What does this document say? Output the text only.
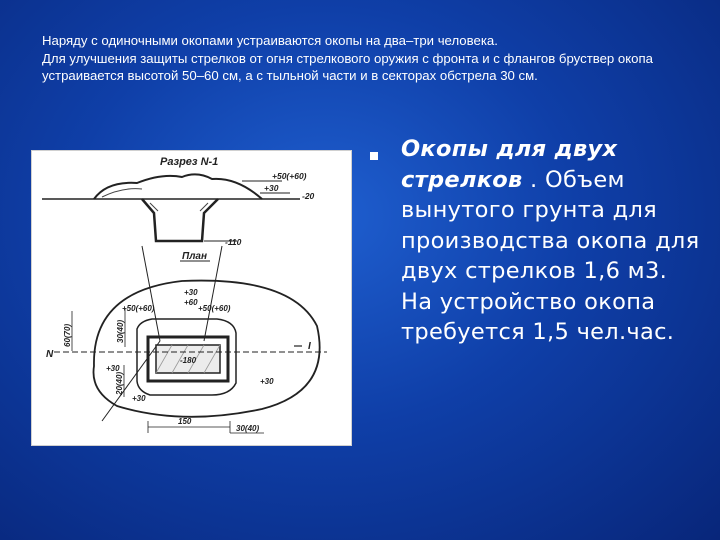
Наряду с одиночными окопами устраиваются окопы на два–три человека.

Для улучшения защиты стрелков от огня стрелкового оружия с фронта и с флангов бруствер окопа устраивается высотой 50–60 см, а с тыльной части и в секторах обстрела 30 см.

Разрез N-1
+50(+60)
+30
-20
-110
План
-180
N
I
+30
+60
+50(+60)	+50(+60)
+30
+30
+30
60(70)	30(40)
20(40)
150
30(40)
Окопы для двух стрелков . Объем вынутого грунта для производства окопа для двух стрелков 1,6 м3. На устройство окопа требуется 1,5 чел.час.
